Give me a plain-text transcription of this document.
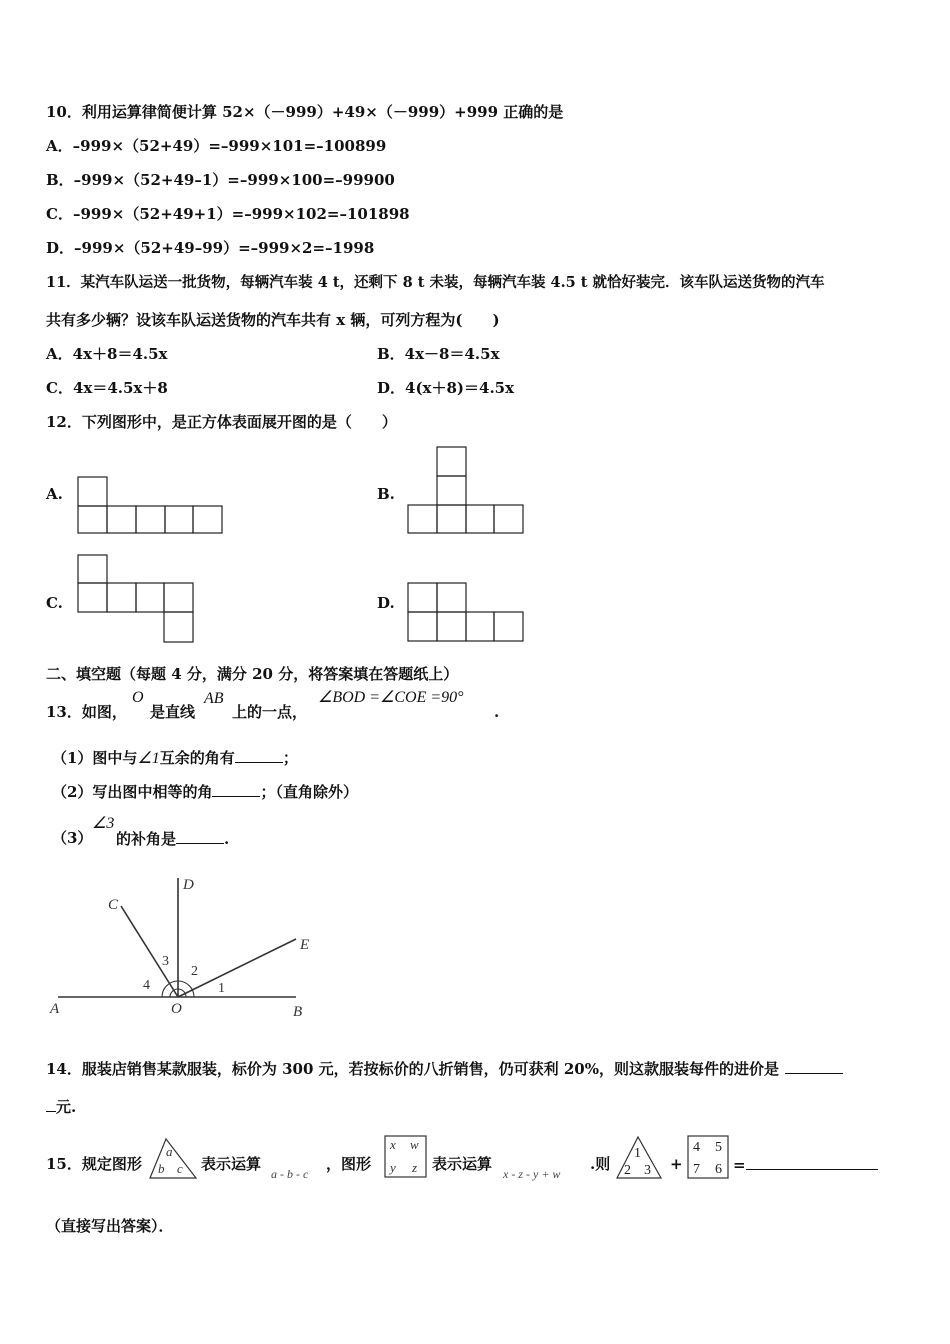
10．利用运算律简便计算 52×（－999）+49×（－999）+999 正确的是
A．–999×（52+49）=–999×101=–100899
B．–999×（52+49–1）=–999×100=–99900
C．–999×（52+49+1）=–999×102=–101898
D．–999×（52+49–99）=–999×2=–1998
11．某汽车队运送一批货物，每辆汽车装 4 t，还剩下 8 t 未装，每辆汽车装 4.5 t 就恰好装完．该车队运送货物的汽车
共有多少辆？设该车队运送货物的汽车共有 x 辆，可列方程为(　　)
A．4x＋8＝4.5x	B．4x－8＝4.5x
C．4x＝4.5x＋8	D．4(x＋8)＝4.5x
12．下列图形中，是正方体表面展开图的是（　　）
A.	B.
C.	D.
二、填空题（每题 4 分，满分 20 分，将答案填在答题纸上）
13．如图，
O
是直线
AB
上的一点，
∠BOD =∠COE =90°
.
（1）图中与∠1互余的角有	；
（2）写出图中相等的角	；（直角除外）
（3）
∠3
的补角是	.
A	B
C
D
E
O
1
2
3
4
14．服装店销售某款服装，标价为 300 元，若按标价的八折销售，仍可获利 20%，则这款服装每件的进价是
元.
15．规定图形
a
b c 表示运算
a - b - c
，图形
x w
y z 表示运算
x - z - y + w
.则
1
2 3 +
4 5
7 6 =
（直接写出答案）．
